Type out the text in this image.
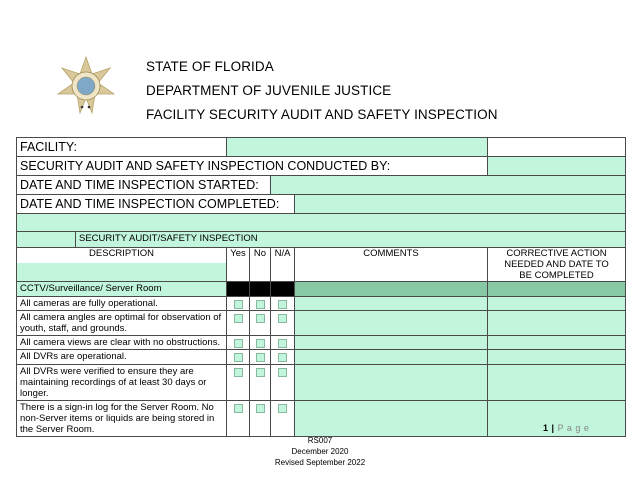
STATE OF FLORIDA
DEPARTMENT OF JUVENILE JUSTICE
FACILITY SECURITY AUDIT AND SAFETY INSPECTION
FACILITY:						
SECURITY AUDIT AND SAFETY INSPECTION CONDUCTED BY:						
DATE AND TIME INSPECTION STARTED:						
DATE AND TIME INSPECTION COMPLETED:						

	SECURITY AUDIT/SAFETY INSPECTION					
DESCRIPTION		Yes	No	N/A	COMMENTS	CORRECTIVE ACTION NEEDED AND DATE TO BE COMPLETED
CCTV/Surveillance/ Server Room						
All cameras are fully operational.		

All camera angles are optimal for observation of youth, staff, and grounds.		

All camera views are clear with no obstructions.		

All DVRs are operational.		

All DVRs were verified to ensure they are maintaining recordings of at least 30 days or longer.		

There is a sign-in log for the Server Room. No non-Server items or liquids are being stored in the Server Room.		

			1 | P a g e
RS007
December 2020
Revised September 2022
